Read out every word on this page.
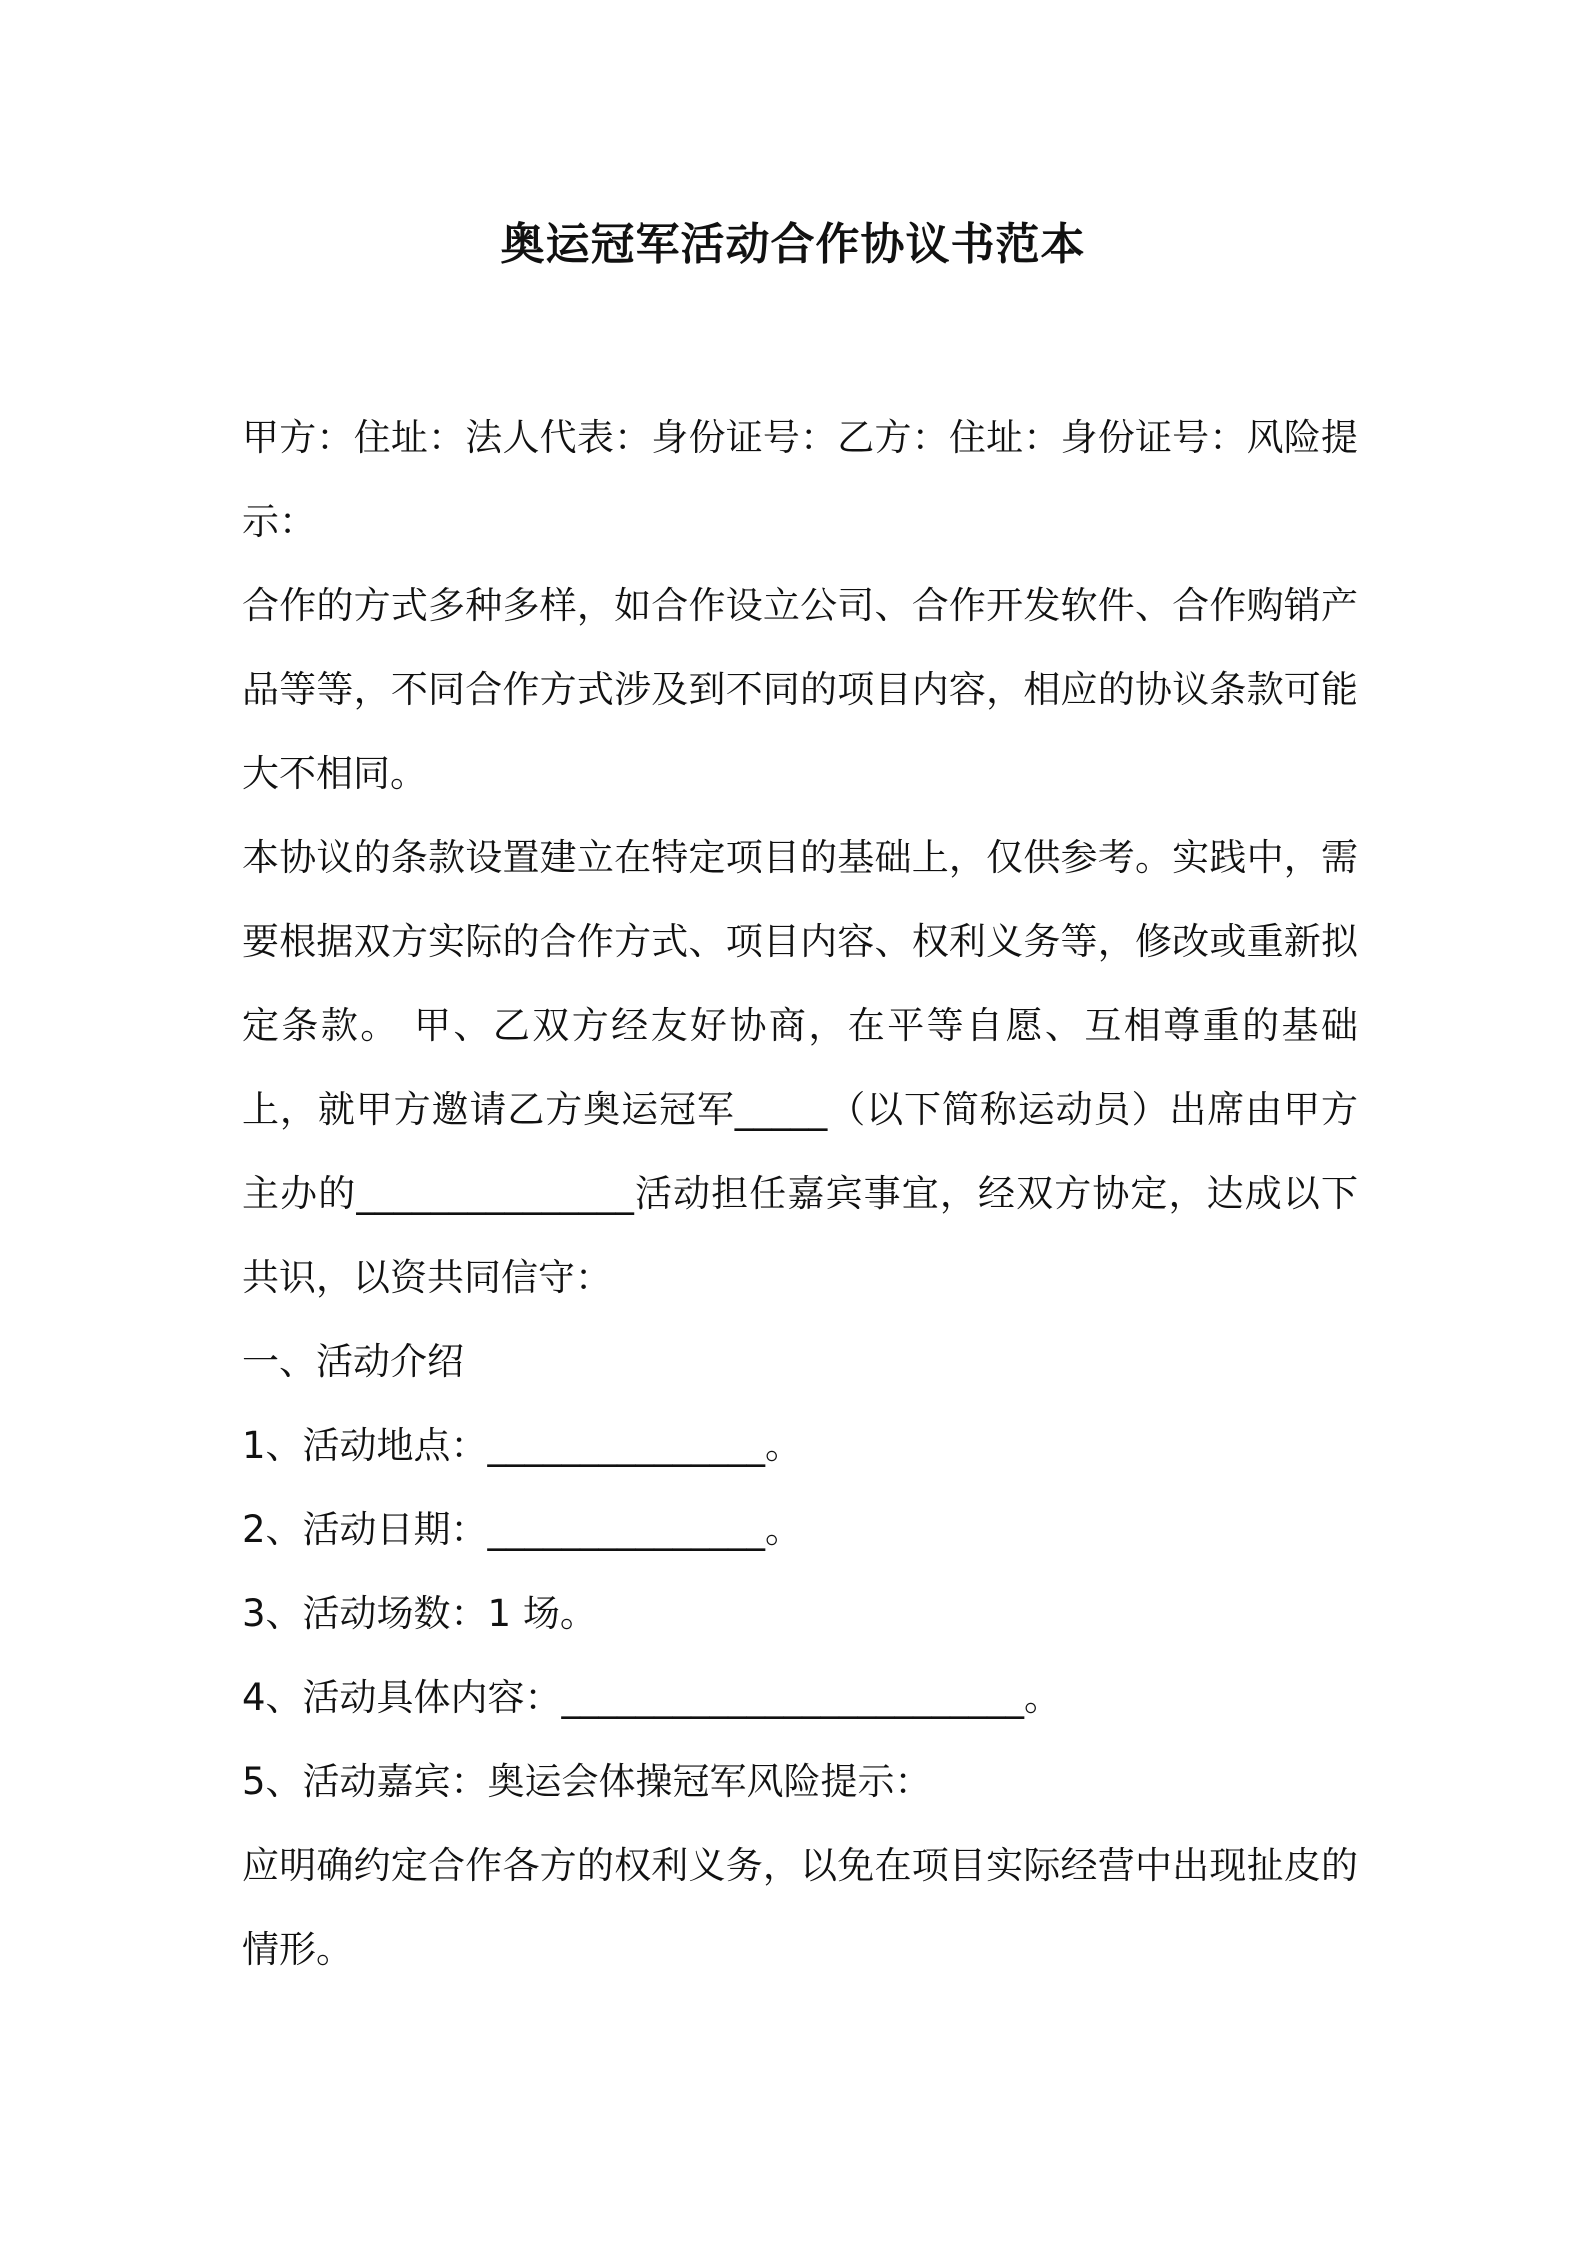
奥运冠军活动合作协议书范本

甲方：住址：法人代表：身份证号：乙方：住址：身份证号：风险提示：

合作的方式多种多样，如合作设立公司、合作开发软件、合作购销产品等等，不同合作方式涉及到不同的项目内容，相应的协议条款可能大不相同。

本协议的条款设置建立在特定项目的基础上，仅供参考。实践中，需要根据双方实际的合作方式、项目内容、权利义务等，修改或重新拟定条款。 甲、乙双方经友好协商，在平等自愿、互相尊重的基础上，就甲方邀请乙方奥运冠军_____（以下简称运动员）出席由甲方主办的_______________活动担任嘉宾事宜，经双方协定，达成以下共识，以资共同信守：

一、活动介绍

1、活动地点：_______________。

2、活动日期：_______________。

3、活动场数：1 场。

4、活动具体内容：_________________________。

5、活动嘉宾：奥运会体操冠军风险提示：

应明确约定合作各方的权利义务，以免在项目实际经营中出现扯皮的情形。
